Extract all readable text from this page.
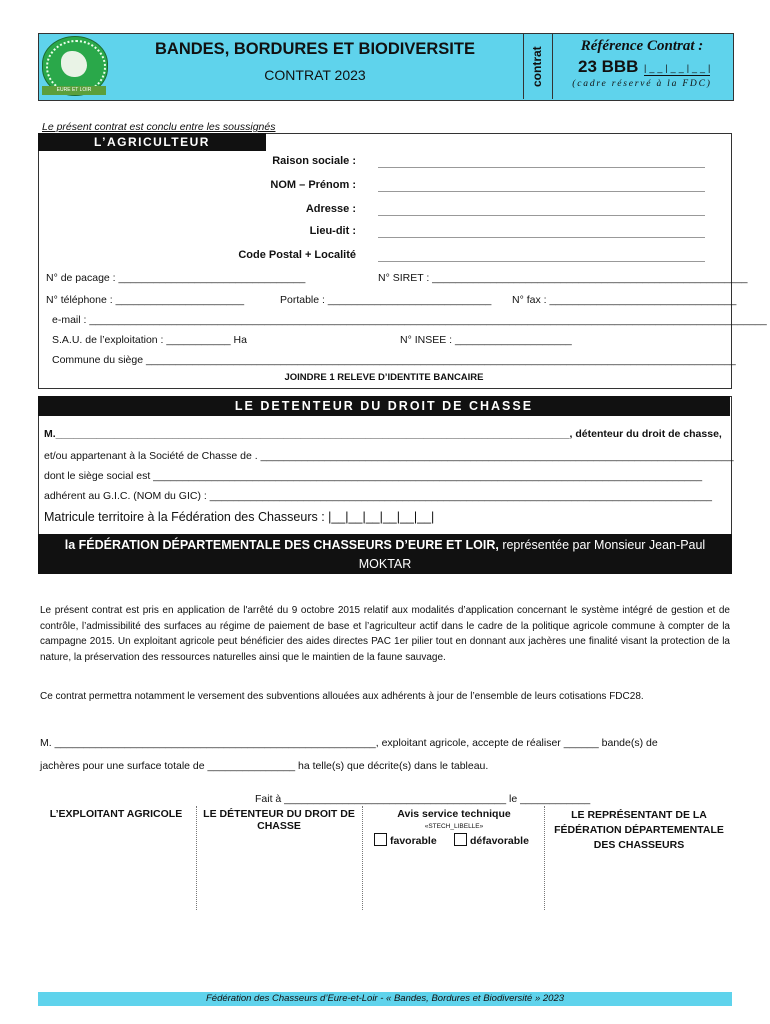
EURE ET LOIR
BANDES, BORDURES ET BIODIVERSITE
CONTRAT 2023	contrat
Référence Contrat :
23 BBB |__|__|__|
(cadre réservé à la FDC)
Le présent contrat est conclu entre les soussignés
L’AGRICULTEUR
Raison sociale :
NOM – Prénom :
Adresse :
Lieu-dit :
Code Postal + Localité
N° de pacage : ________________________________	N° SIRET : ______________________________________________________
N° téléphone : ______________________	Portable : ____________________________ N° fax : ________________________________
e-mail : ____________________________________________________________________________________________________________________
S.A.U. de l’exploitation : ___________ Ha	N° INSEE : ____________________
Commune du siège _____________________________________________________________________________________________________
JOINDRE 1 RELEVE D’IDENTITE BANCAIRE
LE DETENTEUR DU DROIT DE CHASSE
M.________________________________________________________________________________________, détenteur du droit de chasse,
et/ou appartenant à la Société de Chasse de . _________________________________________________________________________________
dont le siège social est ______________________________________________________________________________________________
adhérent au G.I.C. (NOM du GIC) : ______________________________________________________________________________________
Matricule territoire à la Fédération des Chasseurs : |__|__|__|__|__|__|
la FÉDÉRATION DÉPARTEMENTALE DES CHASSEURS D’EURE ET LOIR, représentée par Monsieur Jean-Paul MOKTAR
dont le siège social est 12 rue du Château – CHENONVILLE - CS 20003 – 28360 LA BOURDINIERE ST LOUP
Le présent contrat est pris en application de l'arrêté du 9 octobre 2015 relatif aux modalités d’application concernant le système intégré de gestion et de contrôle, l’admissibilité des surfaces au régime de paiement de base et l’agriculteur actif dans le cadre de la politique agricole commune à compter de la campagne 2015. Un exploitant agricole peut bénéficier des aides directes PAC 1er pilier tout en donnant aux jachères une finalité visant la protection de la nature, la préservation des ressources naturelles ainsi que le maintien de la faune sauvage.
Ce contrat permettra notamment le versement des subventions allouées aux adhérents à jour de l’ensemble de leurs cotisations FDC28.
M. _______________________________________________________, exploitant agricole, accepte de réaliser ______ bande(s) de
jachères pour une surface totale de _______________ ha telle(s) que décrite(s) dans le tableau.
Fait à ______________________________________ le ____________
L’EXPLOITANT AGRICOLE	LE DÉTENTEUR DU DROIT DE CHASSE
Avis service technique
«STECH_LIBELLE»
favorable	défavorable
LE REPRÉSENTANT DE LA FÉDÉRATION DÉPARTEMENTALE DES CHASSEURS
Fédération des Chasseurs d’Eure-et-Loir - « Bandes, Bordures et Biodiversité » 2023
